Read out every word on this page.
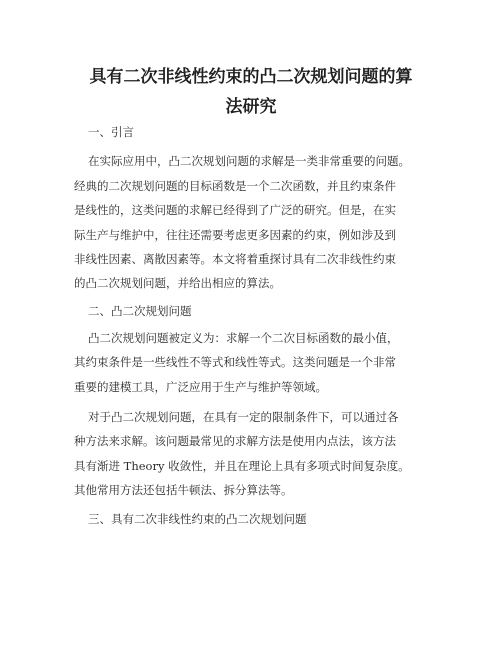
具有二次非线性约束的凸二次规划问题的算
法研究

一、引言

在实际应用中，凸二次规划问题的求解是一类非常重要的问题。

经典的二次规划问题的目标函数是一个二次函数，并且约束条件

是线性的，这类问题的求解已经得到了广泛的研究。但是，在实

际生产与维护中，往往还需要考虑更多因素的约束，例如涉及到

非线性因素、离散因素等。本文将着重探讨具有二次非线性约束

的凸二次规划问题，并给出相应的算法。

二、凸二次规划问题

凸二次规划问题被定义为：求解一个二次目标函数的最小值，

其约束条件是一些线性不等式和线性等式。这类问题是一个非常

重要的建模工具，广泛应用于生产与维护等领域。

对于凸二次规划问题，在具有一定的限制条件下，可以通过各

种方法来求解。该问题最常见的求解方法是使用内点法，该方法

具有渐进 Theory 收敛性，并且在理论上具有多项式时间复杂度。

其他常用方法还包括牛顿法、拆分算法等。

三、具有二次非线性约束的凸二次规划问题
